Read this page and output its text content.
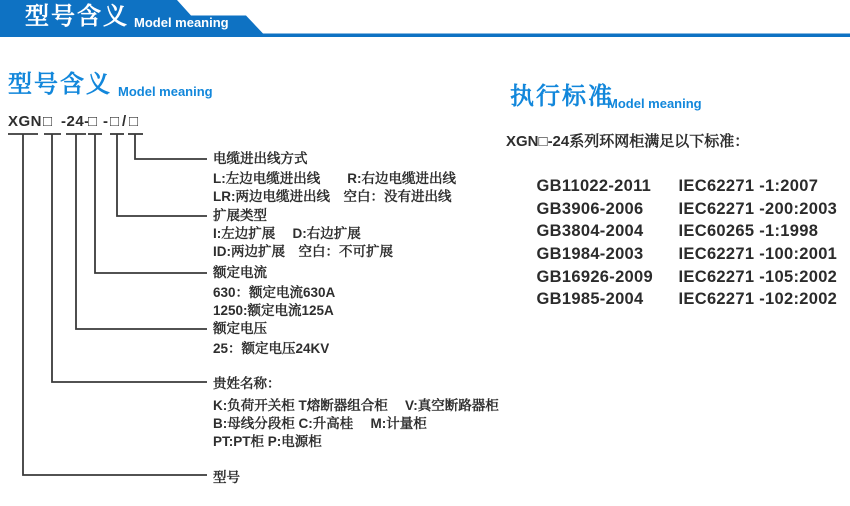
型号含义 Model meaning
型号含义 Model meaning
XGN □ -24-
□ - □ / □
电缆进出线方式
L:左边电缆进出线　　R:右边电缆进出线
LR:两边电缆进出线　空白：没有进出线
扩展类型
I:左边扩展　 D:右边扩展
ID:两边扩展　空白：不可扩展
额定电流
630：额定电流630A
1250:额定电流125A
额定电压
25：额定电压24KV
贵姓名称：
K:负荷开关柜 T熔断器组合柜　 V:真空断路器柜
B:母线分段柜 C:升高桂　 M:计量柜
PT:PT柜 P:电源柜
型号
执行标准
Model meaning
XGN□-24系列环网柜满足以下标准：

GB11022-2011 IEC62271 -1:2007

GB3906-2006 IEC62271 -200:2003

GB3804-2004 IEC60265 -1:1998

GB1984-2003 IEC62271 -100:2001

GB16926-2009 IEC62271 -105:2002

GB1985-2004 IEC62271 -102:2002
